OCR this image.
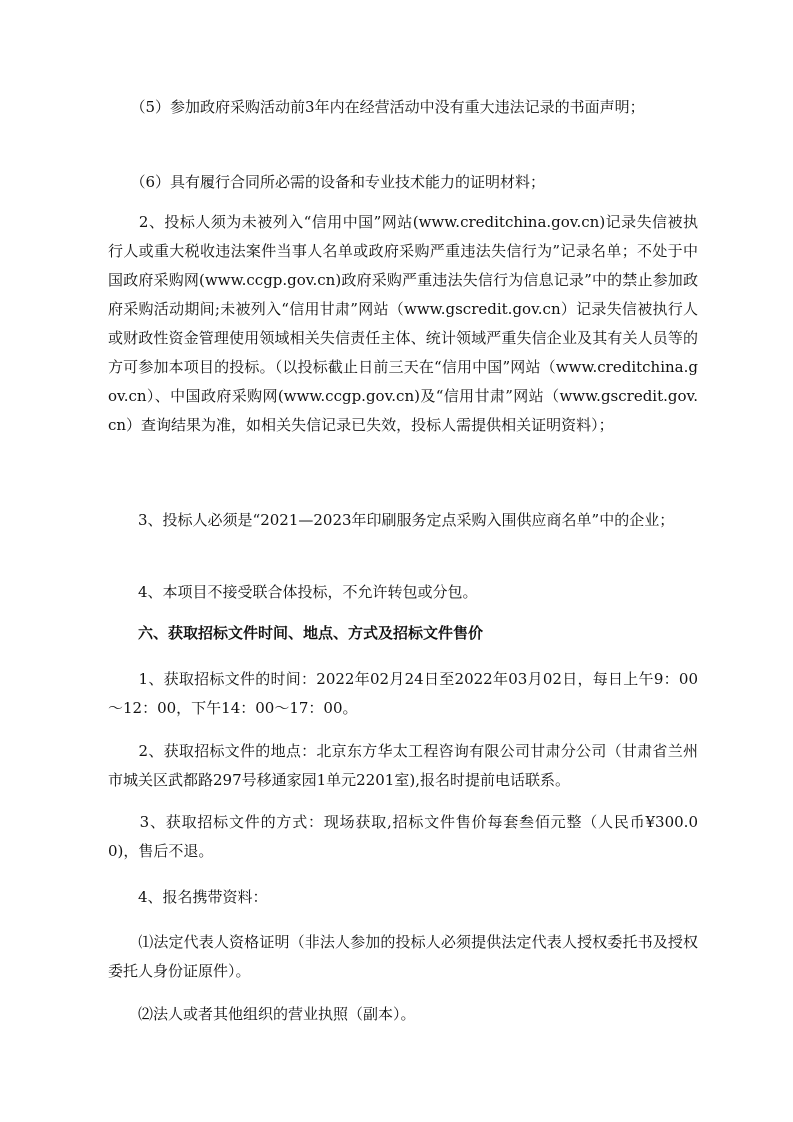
　　（5）参加政府采购活动前3年内在经营活动中没有重大违法记录的书面声明；

　　（6）具有履行合同所必需的设备和专业技术能力的证明材料；

　　2、投标人须为未被列入“信用中国”网站(www.creditchina.gov.cn)记录失信被执行人或重大税收违法案件当事人名单或政府采购严重违法失信行为”记录名单；不处于中国政府采购网(www.ccgp.gov.cn)政府采购严重违法失信行为信息记录”中的禁止参加政府采购活动期间;未被列入“信用甘肃”网站（www.gscredit.gov.cn）记录失信被执行人或财政性资金管理使用领域相关失信责任主体、统计领域严重失信企业及其有关人员等的方可参加本项目的投标。（以投标截止日前三天在“信用中国”网站（www.creditchina.gov.cn）、中国政府采购网(www.ccgp.gov.cn)及“信用甘肃”网站（www.gscredit.gov.cn）查询结果为准，如相关失信记录已失效，投标人需提供相关证明资料）；

　　3、投标人必须是“2021—2023年印刷服务定点采购入围供应商名单”中的企业；

　　4、本项目不接受联合体投标，不允许转包或分包。

　　六、获取招标文件时间、地点、方式及招标文件售价

　　1、获取招标文件的时间：2022年02月24日至2022年03月02日，每日上午9：00～12：00，下午14：00～17：00。

　　2、获取招标文件的地点：北京东方华太工程咨询有限公司甘肃分公司（甘肃省兰州市城关区武都路297号移通家园1单元2201室),报名时提前电话联系。

　　3、获取招标文件的方式：现场获取,招标文件售价每套叁佰元整（人民币¥300.00)，售后不退。

　　4、报名携带资料：

　　⑴法定代表人资格证明（非法人参加的投标人必须提供法定代表人授权委托书及授权委托人身份证原件）。

　　⑵法人或者其他组织的营业执照（副本）。
